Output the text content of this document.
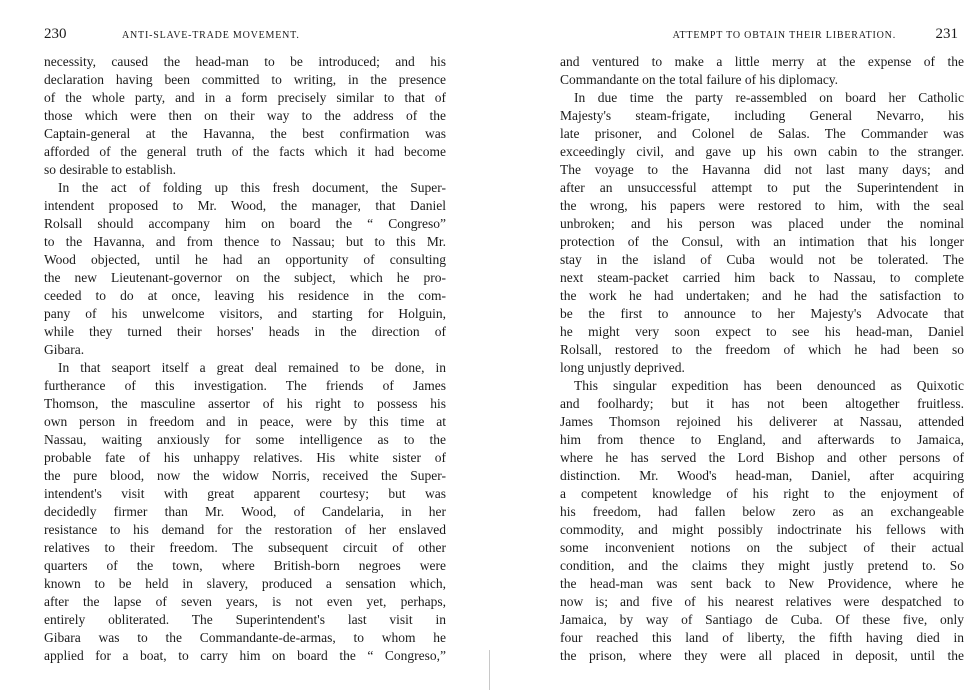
230	ANTI-SLAVE-TRADE MOVEMENT.
necessity, caused the head-man to be introduced; and his
declaration having been committed to writing, in the presence
of the whole party, and in a form precisely similar to that of
those which were then on their way to the address of the
Captain-general at the Havanna, the best confirmation was
afforded of the general truth of the facts which it had become
so desirable to establish.
In the act of folding up this fresh document, the Super-
intendent proposed to Mr. Wood, the manager, that Daniel
Rolsall should accompany him on board the “ Congreso”
to the Havanna, and from thence to Nassau; but to this Mr.
Wood objected, until he had an opportunity of consulting
the new Lieutenant-governor on the subject, which he pro-
ceeded to do at once, leaving his residence in the com-
pany of his unwelcome visitors, and starting for Holguin,
while they turned their horses' heads in the direction of
Gibara.
In that seaport itself a great deal remained to be done, in
furtherance of this investigation. The friends of James
Thomson, the masculine assertor of his right to possess his
own person in freedom and in peace, were by this time at
Nassau, waiting anxiously for some intelligence as to the
probable fate of his unhappy relatives. His white sister of
the pure blood, now the widow Norris, received the Super-
intendent's visit with great apparent courtesy; but was
decidedly firmer than Mr. Wood, of Candelaria, in her
resistance to his demand for the restoration of her enslaved
relatives to their freedom. The subsequent circuit of other
quarters of the town, where British-born negroes were
known to be held in slavery, produced a sensation which,
after the lapse of seven years, is not even yet, perhaps,
entirely obliterated. The Superintendent's last visit in
Gibara was to the Commandante-de-armas, to whom he
applied for a boat, to carry him on board the “ Congreso,”
ATTEMPT TO OBTAIN THEIR LIBERATION.	231
and ventured to make a little merry at the expense of the
Commandante on the total failure of his diplomacy.
In due time the party re-assembled on board her Catholic
Majesty's steam-frigate, including General Nevarro, his
late prisoner, and Colonel de Salas. The Commander was
exceedingly civil, and gave up his own cabin to the stranger.
The voyage to the Havanna did not last many days; and
after an unsuccessful attempt to put the Superintendent in
the wrong, his papers were restored to him, with the seal
unbroken; and his person was placed under the nominal
protection of the Consul, with an intimation that his longer
stay in the island of Cuba would not be tolerated. The
next steam-packet carried him back to Nassau, to complete
the work he had undertaken; and he had the satisfaction to
be the first to announce to her Majesty's Advocate that
he might very soon expect to see his head-man, Daniel
Rolsall, restored to the freedom of which he had been so
long unjustly deprived.
This singular expedition has been denounced as Quixotic
and foolhardy; but it has not been altogether fruitless.
James Thomson rejoined his deliverer at Nassau, attended
him from thence to England, and afterwards to Jamaica,
where he has served the Lord Bishop and other persons of
distinction. Mr. Wood's head-man, Daniel, after acquiring
a competent knowledge of his right to the enjoyment of
his freedom, had fallen below zero as an exchangeable
commodity, and might possibly indoctrinate his fellows with
some inconvenient notions on the subject of their actual
condition, and the claims they might justly pretend to. So
the head-man was sent back to New Providence, where he
now is; and five of his nearest relatives were despatched to
Jamaica, by way of Santiago de Cuba. Of these five, only
four reached this land of liberty, the fifth having died in
the prison, where they were all placed in deposit, until the
